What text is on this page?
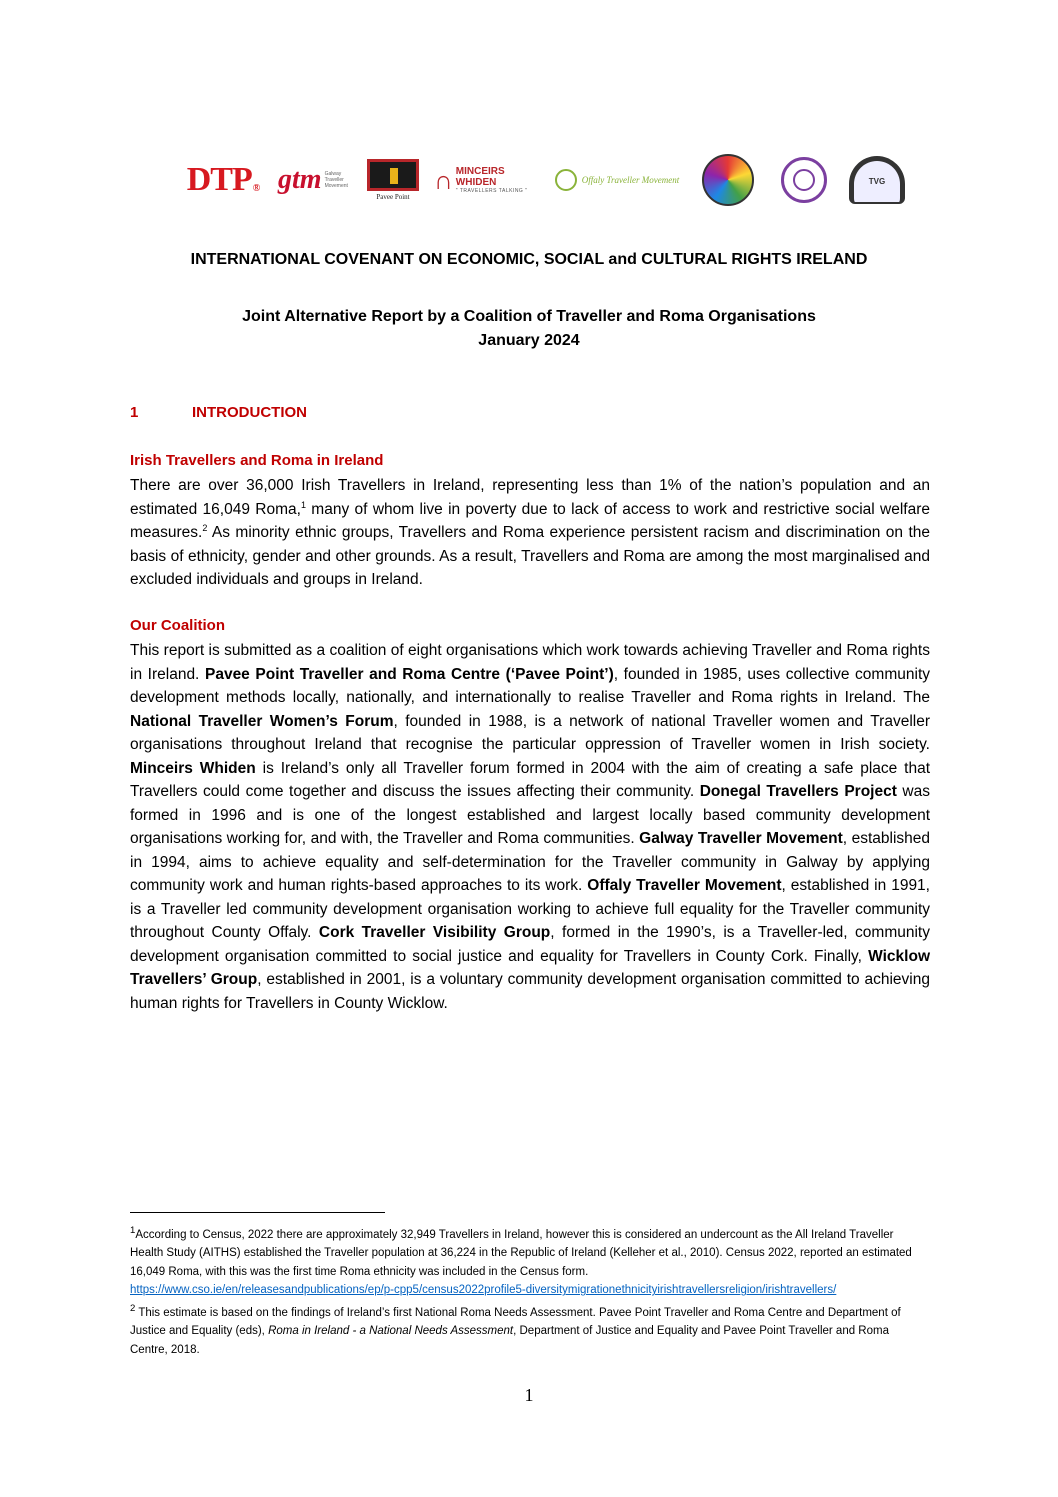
DTP ® gtm Galway Traveller Movement
Pavee Point
∩ MINCEIRS WHIDEN
" TRAVELLERS TALKING "
Offaly Traveller Movement	TVG
INTERNATIONAL COVENANT ON ECONOMIC, SOCIAL and CULTURAL RIGHTS IRELAND
Joint Alternative Report by a Coalition of Traveller and Roma Organisations
January 2024
1	INTRODUCTION
Irish Travellers and Roma in Ireland
There are over 36,000 Irish Travellers in Ireland, representing less than 1% of the nation’s population and an estimated 16,049 Roma,$^1$ many of whom live in poverty due to lack of access to work and restrictive social welfare measures.$^2$ As minority ethnic groups, Travellers and Roma experience persistent racism and discrimination on the basis of ethnicity, gender and other grounds. As a result, Travellers and Roma are among the most marginalised and excluded individuals and groups in Ireland.
Our Coalition
This report is submitted as a coalition of eight organisations which work towards achieving Traveller and Roma rights in Ireland. Pavee Point Traveller and Roma Centre (‘Pavee Point’), founded in 1985, uses collective community development methods locally, nationally, and internationally to realise Traveller and Roma rights in Ireland. The National Traveller Women’s Forum, founded in 1988, is a network of national Traveller women and Traveller organisations throughout Ireland that recognise the particular oppression of Traveller women in Irish society. Minceirs Whiden is Ireland’s only all Traveller forum formed in 2004 with the aim of creating a safe place that Travellers could come together and discuss the issues affecting their community. Donegal Travellers Project was formed in 1996 and is one of the longest established and largest locally based community development organisations working for, and with, the Traveller and Roma communities. Galway Traveller Movement, established in 1994, aims to achieve equality and self-determination for the Traveller community in Galway by applying community work and human rights-based approaches to its work. Offaly Traveller Movement, established in 1991, is a Traveller led community development organisation working to achieve full equality for the Traveller community throughout County Offaly. Cork Traveller Visibility Group, formed in the 1990’s, is a Traveller-led, community development organisation committed to social justice and equality for Travellers in County Cork. Finally, Wicklow Travellers’ Group, established in 2001, is a voluntary community development organisation committed to achieving human rights for Travellers in County Wicklow.

$^1$According to Census, 2022 there are approximately 32,949 Travellers in Ireland, however this is considered an undercount as the All Ireland Traveller Health Study (AITHS) established the Traveller population at 36,224 in the Republic of Ireland (Kelleher et al., 2010). Census 2022, reported an estimated 16,049 Roma, with this was the first time Roma ethnicity was included in the Census form.
https://www.cso.ie/en/releasesandpublications/ep/p-cpp5/census2022profile5-diversitymigrationethnicityirishtravellersreligion/irishtravellers/

$^2$ This estimate is based on the findings of Ireland’s first National Roma Needs Assessment. Pavee Point Traveller and Roma Centre and Department of Justice and Equality (eds), Roma in Ireland - a National Needs Assessment, Department of Justice and Equality and Pavee Point Traveller and Roma Centre, 2018.

1
